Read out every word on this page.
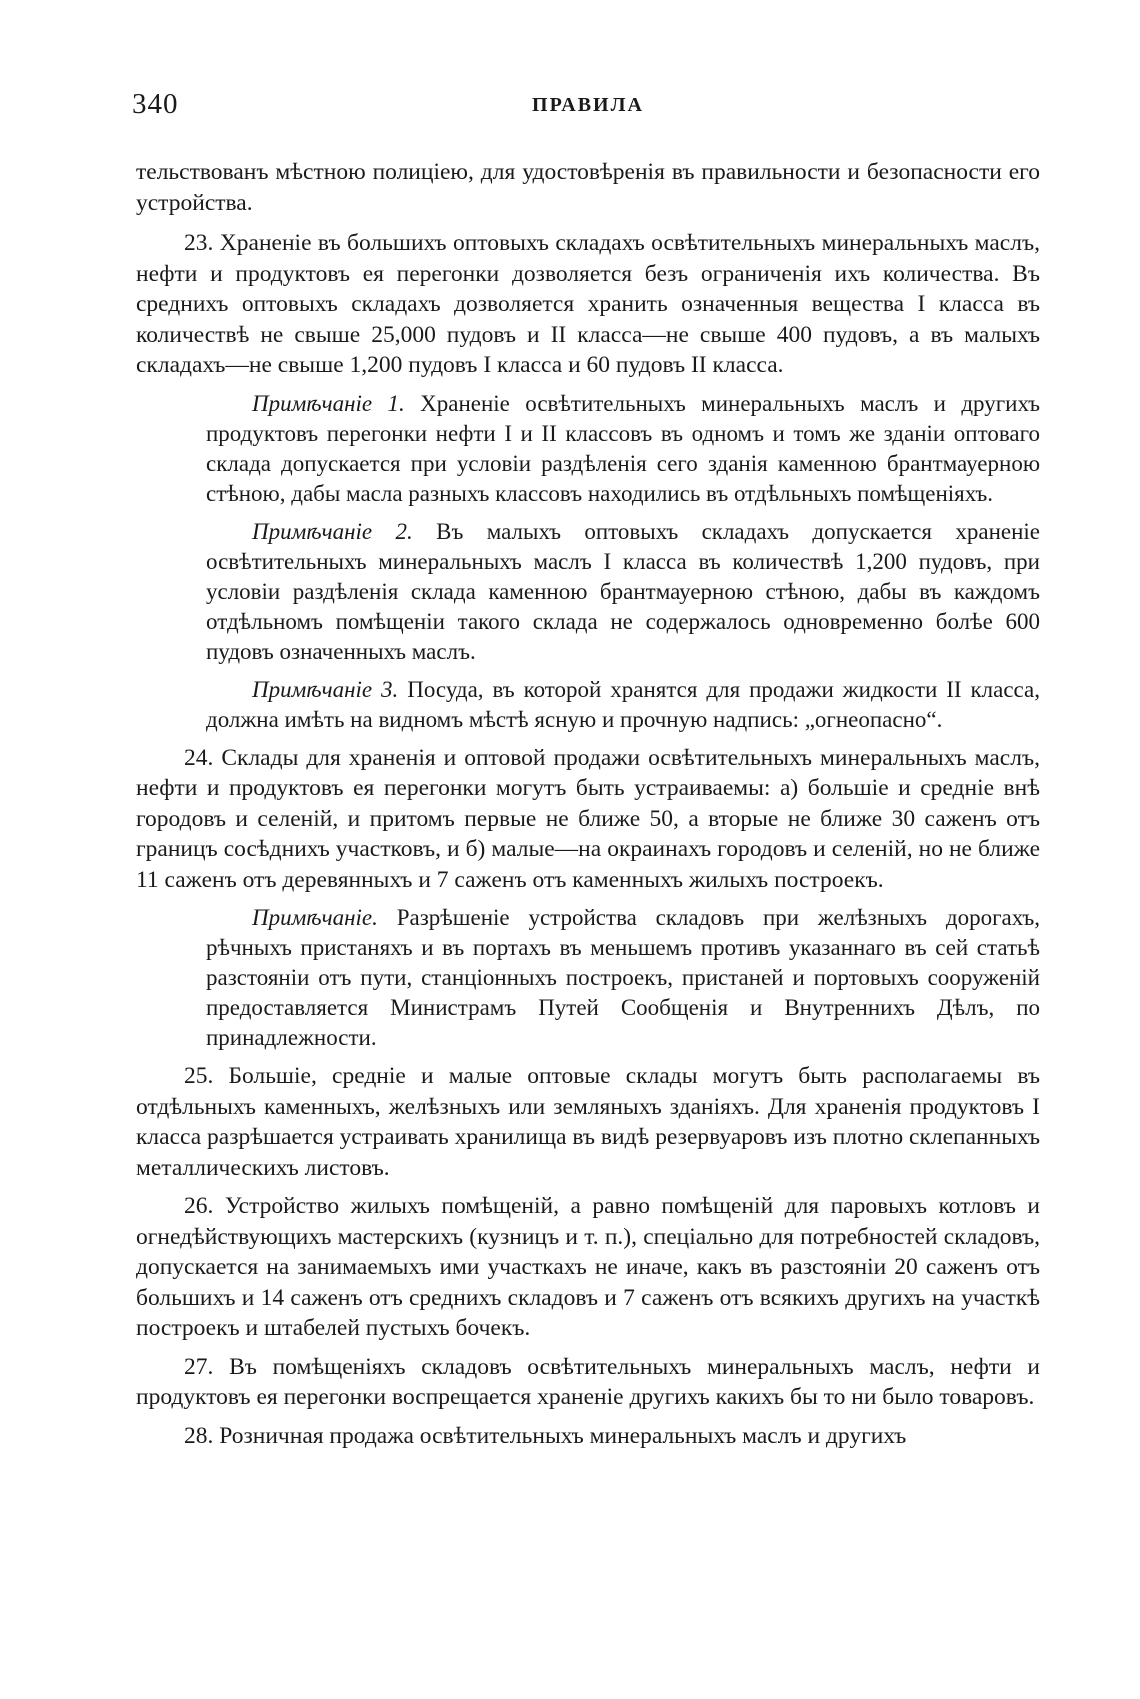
340	ПРАВИЛА

тельствованъ мѣстною полиціею, для удостовѣренія въ правильности и безопасности его устройства.

23. Храненіе въ большихъ оптовыхъ складахъ освѣтительныхъ минеральныхъ маслъ, нефти и продуктовъ ея перегонки дозволяется безъ ограниченія ихъ количества. Въ среднихъ оптовыхъ складахъ дозволяется хранить означенныя вещества I класса въ количествѣ не свыше 25,000 пудовъ и II класса—не свыше 400 пудовъ, а въ малыхъ складахъ—не свыше 1,200 пудовъ I класса и 60 пудовъ II класса.

Примѣчаніе 1. Храненіе освѣтительныхъ минеральныхъ маслъ и другихъ продуктовъ перегонки нефти I и II классовъ въ одномъ и томъ же зданіи оптоваго склада допускается при условіи раздѣленія сего зданія каменною брантмауерною стѣною, дабы масла разныхъ классовъ находились въ отдѣльныхъ помѣщеніяхъ.

Примѣчаніе 2. Въ малыхъ оптовыхъ складахъ допускается храненіе освѣтительныхъ минеральныхъ маслъ I класса въ количествѣ 1,200 пудовъ, при условіи раздѣленія склада каменною брантмауерною стѣною, дабы въ каждомъ отдѣльномъ помѣщеніи такого склада не содержалось одновременно болѣе 600 пудовъ означенныхъ маслъ.

Примѣчаніе 3. Посуда, въ которой хранятся для продажи жидкости II класса, должна имѣть на видномъ мѣстѣ ясную и прочную надпись: „огнеопасно“.

24. Склады для храненія и оптовой продажи освѣтительныхъ минеральныхъ маслъ, нефти и продуктовъ ея перегонки могутъ быть устраиваемы: а) большіе и средніе внѣ городовъ и селеній, и притомъ первые не ближе 50, а вторые не ближе 30 саженъ отъ границъ сосѣднихъ участковъ, и б) малые—на окраинахъ городовъ и селеній, но не ближе 11 саженъ отъ деревянныхъ и 7 саженъ отъ каменныхъ жилыхъ построекъ.

Примѣчаніе. Разрѣшеніе устройства складовъ при желѣзныхъ дорогахъ, рѣчныхъ пристаняхъ и въ портахъ въ меньшемъ противъ указаннаго въ сей статьѣ разстояніи отъ пути, станціонныхъ построекъ, пристаней и портовыхъ сооруженій предоставляется Министрамъ Путей Сообщенія и Внутреннихъ Дѣлъ, по принадлежности.

25. Большіе, средніе и малые оптовые склады могутъ быть располагаемы въ отдѣльныхъ каменныхъ, желѣзныхъ или земляныхъ зданіяхъ. Для храненія продуктовъ I класса разрѣшается устраивать хранилища въ видѣ резервуаровъ изъ плотно склепанныхъ металлическихъ листовъ.

26. Устройство жилыхъ помѣщеній, а равно помѣщеній для паровыхъ котловъ и огнедѣйствующихъ мастерскихъ (кузницъ и т. п.), спеціально для потребностей складовъ, допускается на занимаемыхъ ими участкахъ не иначе, какъ въ разстояніи 20 саженъ отъ большихъ и 14 саженъ отъ среднихъ складовъ и 7 саженъ отъ всякихъ другихъ на участкѣ построекъ и штабелей пустыхъ бочекъ.

27. Въ помѣщеніяхъ складовъ освѣтительныхъ минеральныхъ маслъ, нефти и продуктовъ ея перегонки воспрещается храненіе другихъ какихъ бы то ни было товаровъ.

28. Розничная продажа освѣтительныхъ минеральныхъ маслъ и другихъ
